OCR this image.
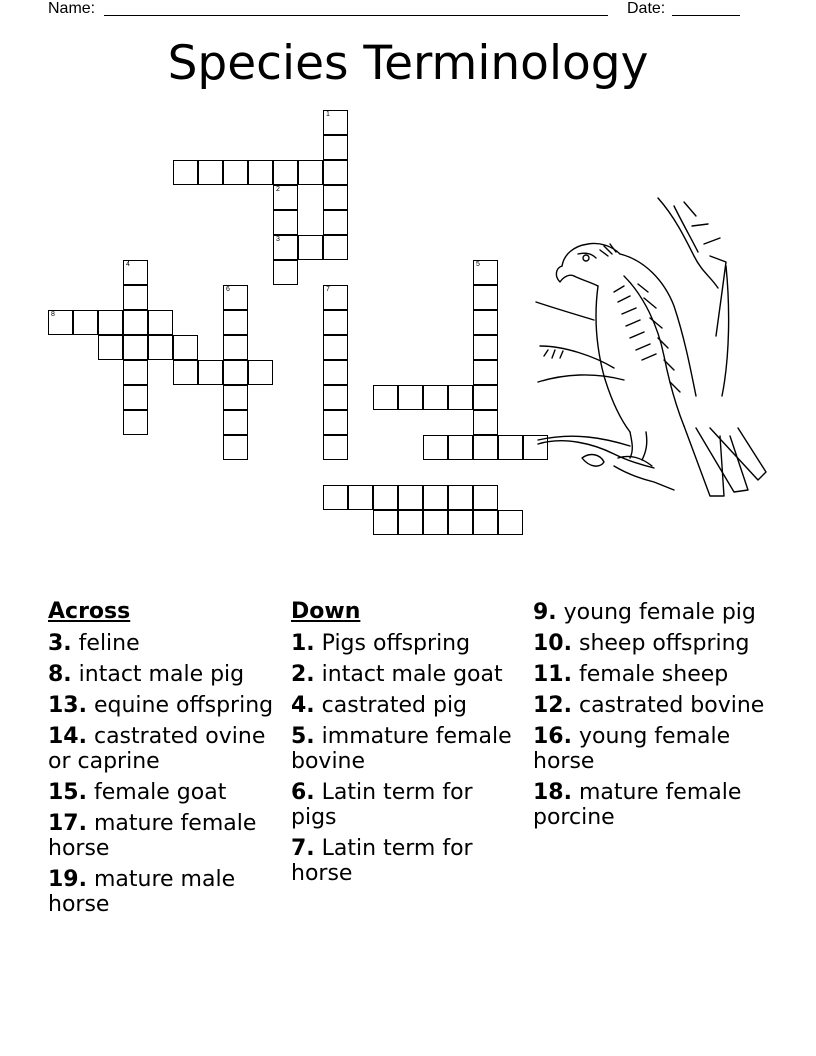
Name:	Date:
Species Terminology
1
2
3
4	5
6	7
8
Across
3. feline
8. intact male pig
13. equine offspring
14. castrated ovine or caprine
15. female goat
17. mature female horse
19. mature male horse
Down
1. Pigs offspring
2. intact male goat
4. castrated pig
5. immature female bovine
6. Latin term for pigs
7. Latin term for horse
9. young female pig
10. sheep offspring
11. female sheep
12. castrated bovine
16. young female horse
18. mature female porcine
